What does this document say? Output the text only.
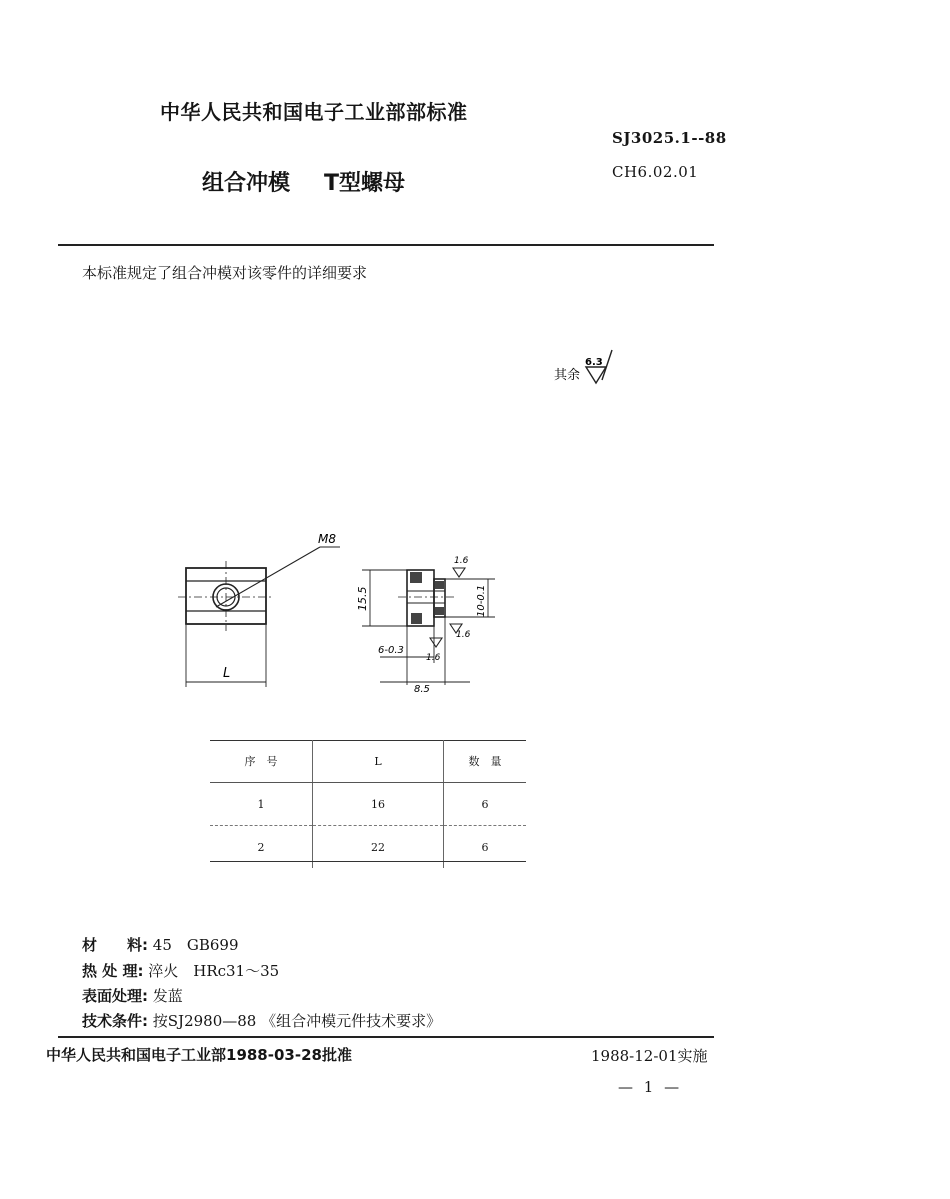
中华人民共和国电子工业部部标准
SJ3025.1--88
CH6.02.01
组合冲模 T型螺母
本标准规定了组合冲模对该零件的详细要求
其余
6.3
M8
L
1.6
1.6
1.6
15.5	10-0.1
6-0.3
8.5
序　号	L	数　量
1	16	6
2	22	6
材　　料: 45　GB699
热 处 理: 淬火　HRc31～35
表面处理: 发蓝
技术条件: 按SJ2980—88 《组合冲模元件技术要求》
中华人民共和国电子工业部1988-03-28批准	1988-12-01实施
— 1 —
